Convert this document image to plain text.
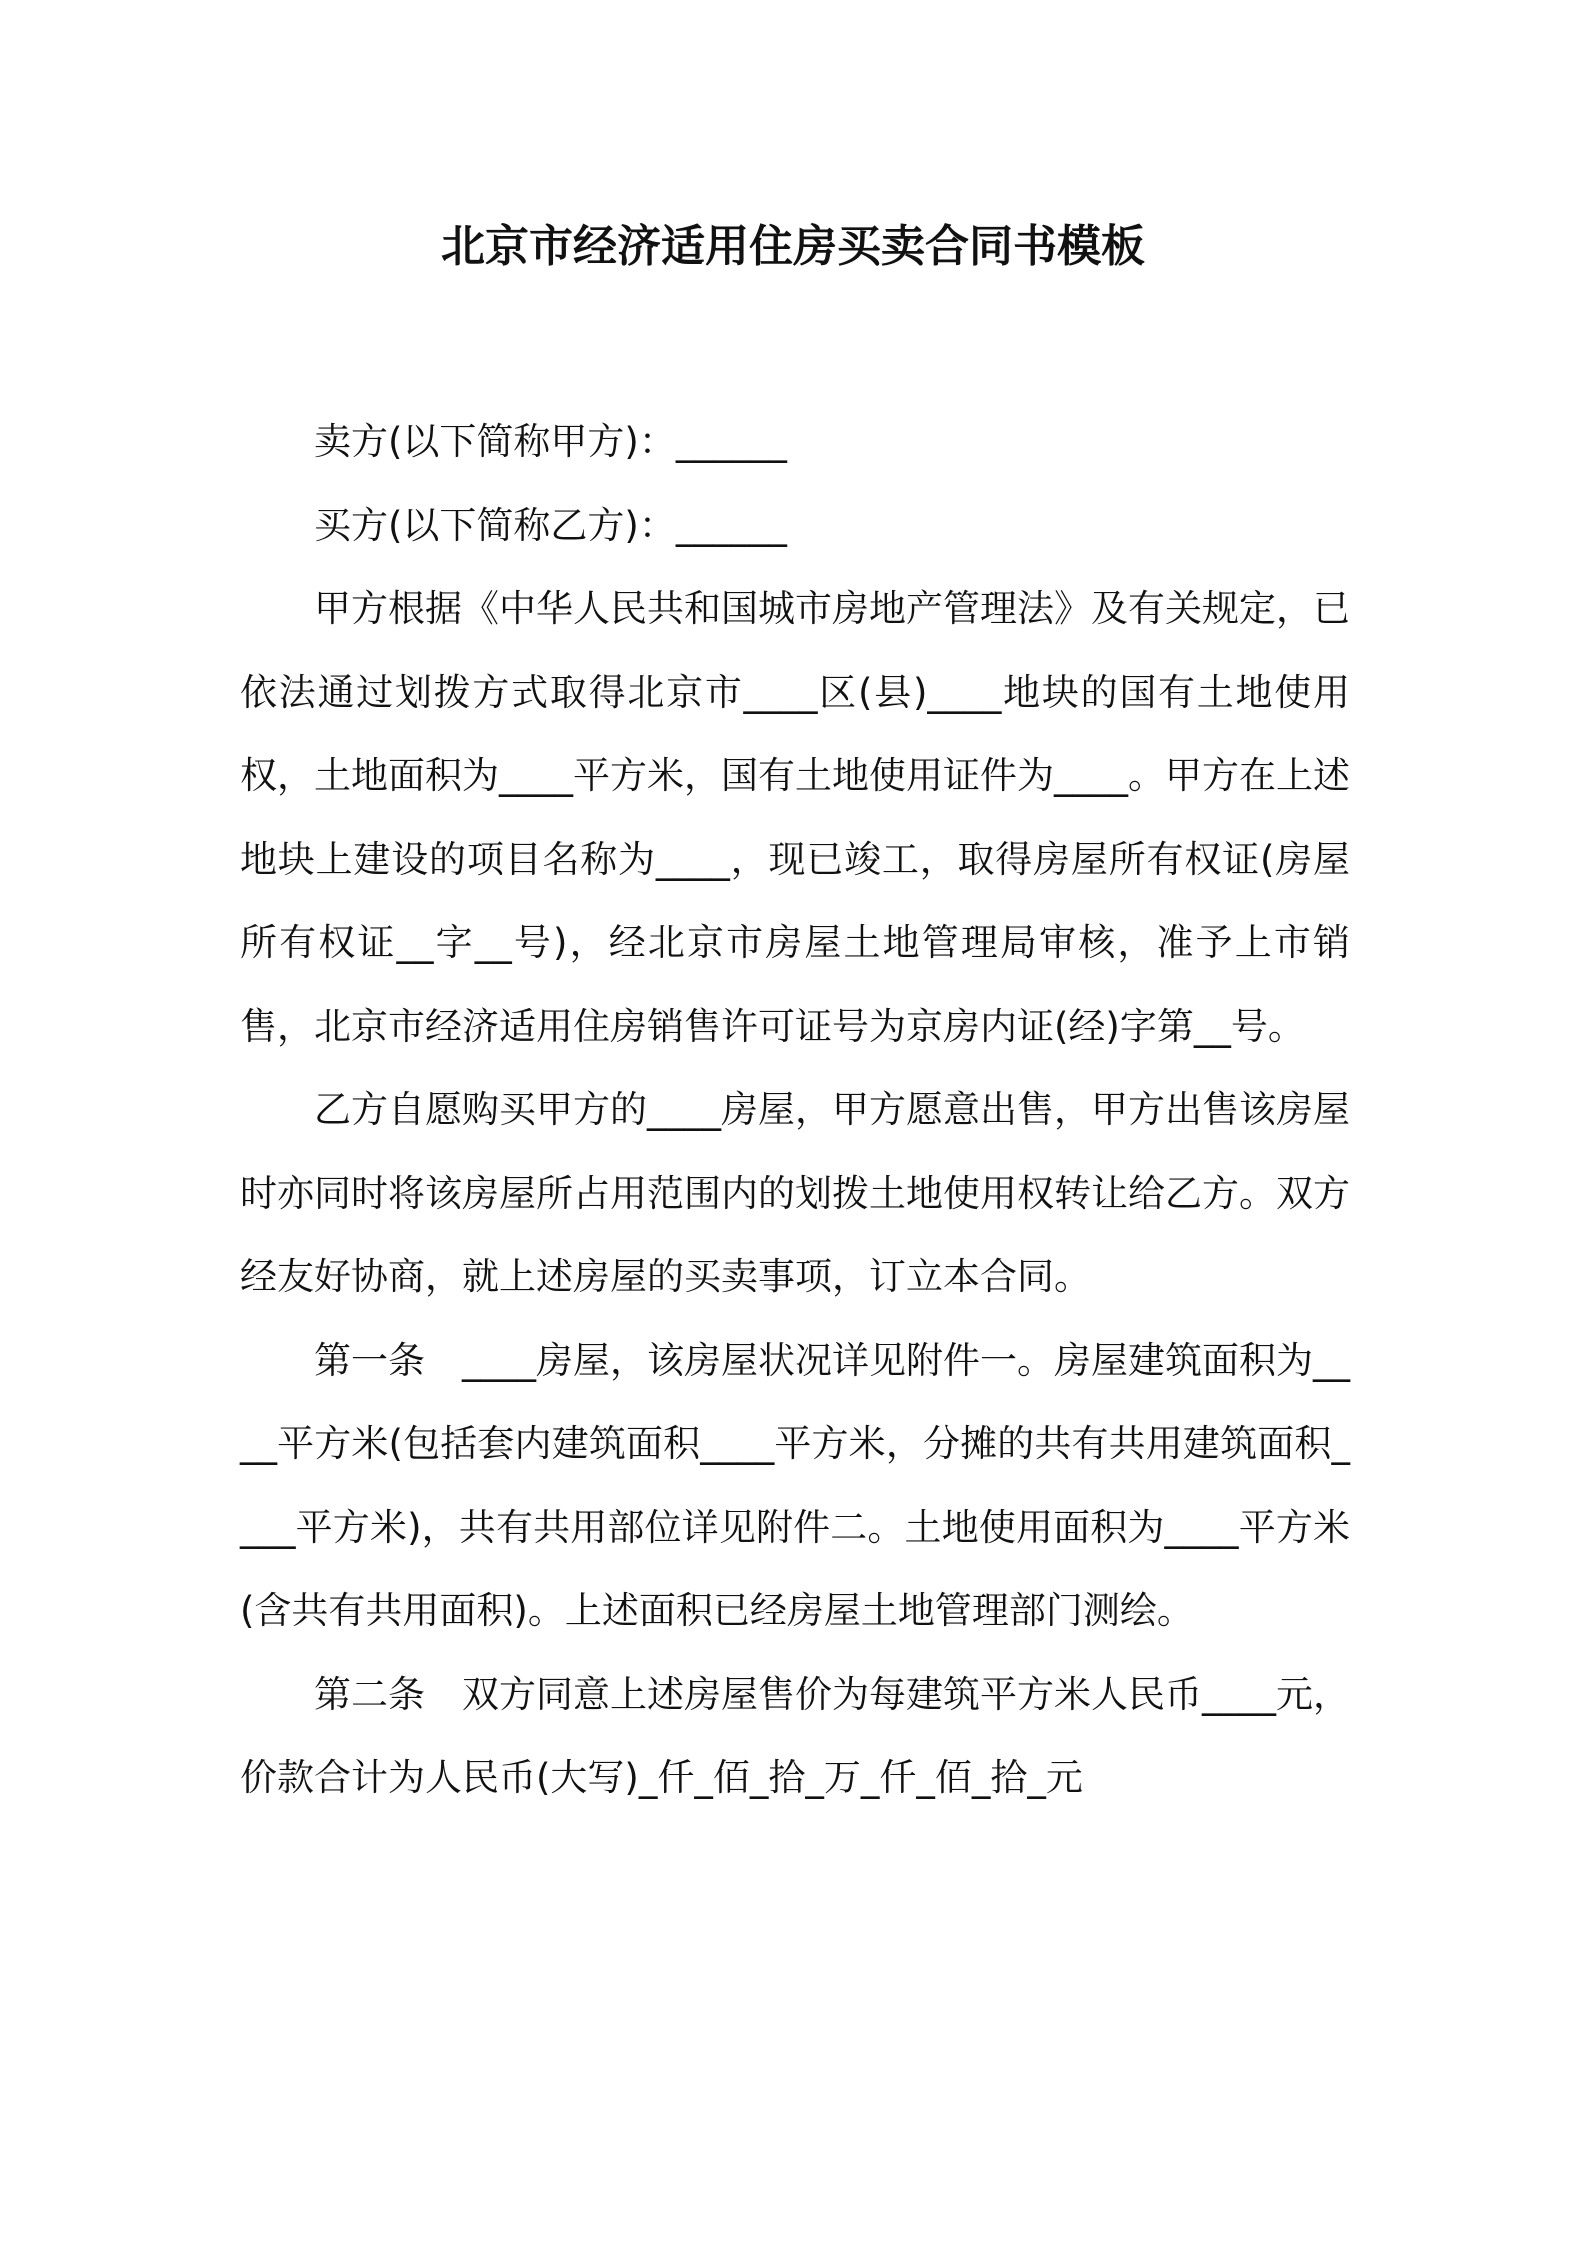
北京市经济适用住房买卖合同书模板

卖方(以下简称甲方)：______

买方(以下简称乙方)：______

甲方根据《中华人民共和国城市房地产管理法》及有关规定，已依法通过划拨方式取得北京市____区(县)____地块的国有土地使用权，土地面积为____平方米，国有土地使用证件为____。甲方在上述地块上建设的项目名称为____，现已竣工，取得房屋所有权证(房屋所有权证__字__号)，经北京市房屋土地管理局审核，准予上市销售，北京市经济适用住房销售许可证号为京房内证(经)字第__号。

乙方自愿购买甲方的____房屋，甲方愿意出售，甲方出售该房屋时亦同时将该房屋所占用范围内的划拨土地使用权转让给乙方。双方经友好协商，就上述房屋的买卖事项，订立本合同。

第一条　____房屋，该房屋状况详见附件一。房屋建筑面积为____平方米(包括套内建筑面积____平方米，分摊的共有共用建筑面积____平方米)，共有共用部位详见附件二。土地使用面积为____平方米(含共有共用面积)。上述面积已经房屋土地管理部门测绘。

第二条　双方同意上述房屋售价为每建筑平方米人民币____元，价款合计为人民币(大写)_仟_佰_拾_万_仟_佰_拾_元
